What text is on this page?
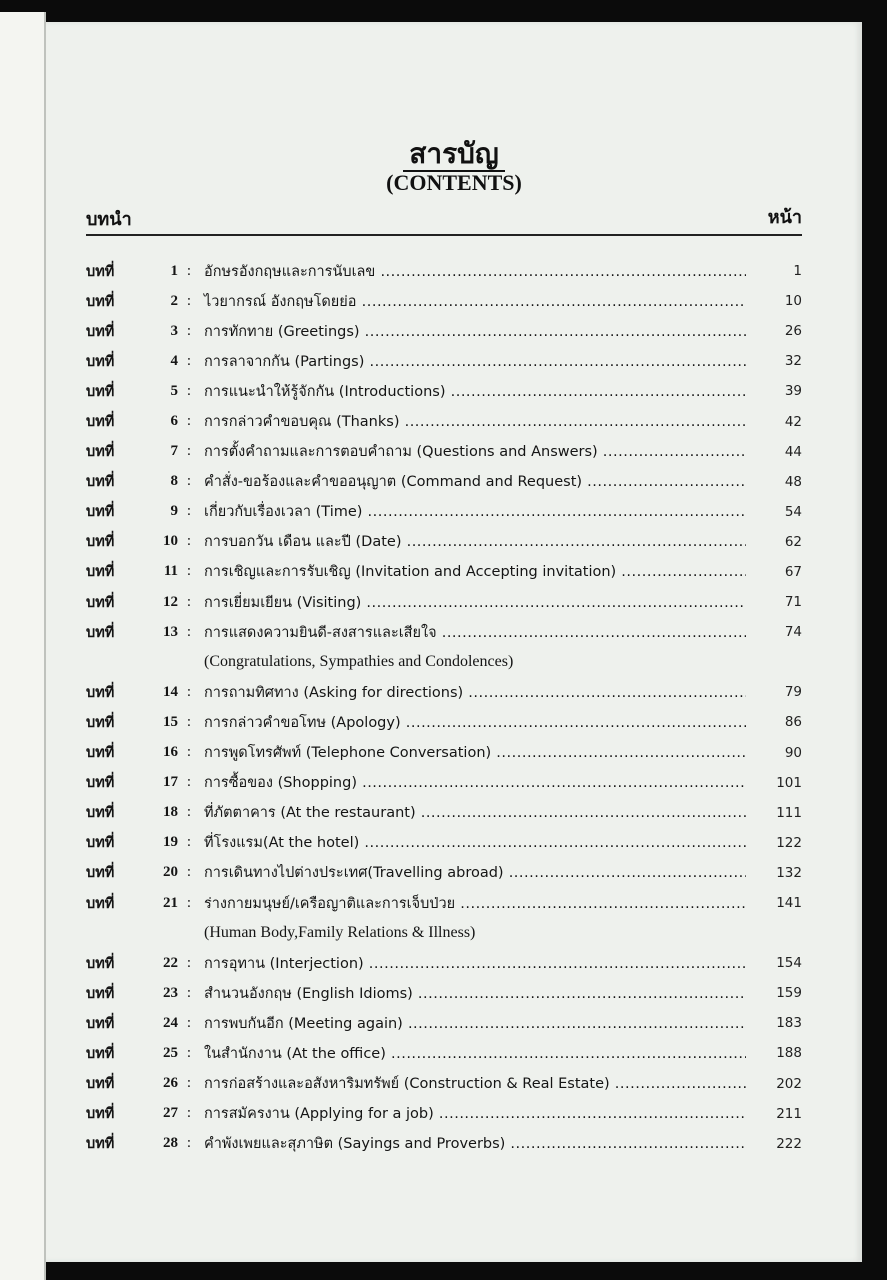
สารบัญ
(CONTENTS)
บทนำ	หน้า
บทที่	1 : อักษรอังกฤษและการนับเลข .....	1
บทที่	2 : ไวยากรณ์ อังกฤษโดยย่อ .....	10
บทที่	3 : การทักทาย (Greetings) .....	26
บทที่	4 : การลาจากกัน (Partings) .....	32
บทที่	5 : การแนะนำให้รู้จักกัน (Introductions) .....	39
บทที่	6 : การกล่าวคำขอบคุณ (Thanks) .....	42
บทที่	7 : การตั้งคำถามและการตอบคำถาม (Questions and Answers) .....	44
บทที่	8 : คำสั่ง-ขอร้องและคำขออนุญาต (Command and Request) .....	48
บทที่	9 : เกี่ยวกับเรื่องเวลา (Time) .....	54
บทที่	10 : การบอกวัน เดือน และปี (Date) .....	62
บทที่	11 : การเชิญและการรับเชิญ (Invitation and Accepting invitation) .....	67
บทที่	12 : การเยี่ยมเยียน (Visiting) .....	71
บทที่	13 : การแสดงความยินดี-สงสารและเสียใจ .....	74
(Congratulations, Sympathies and Condolences)
บทที่	14 : การถามทิศทาง (Asking for directions) .....	79
บทที่	15 : การกล่าวคำขอโทษ (Apology) .....	86
บทที่	16 : การพูดโทรศัพท์ (Telephone Conversation) .....	90
บทที่	17 : การซื้อของ (Shopping) .....	101
บทที่	18 : ที่ภัตตาคาร (At the restaurant) .....	111
บทที่	19 : ที่โรงแรม(At the hotel) .....	122
บทที่	20 : การเดินทางไปต่างประเทศ(Travelling abroad) .....	132
บทที่	21 : ร่างกายมนุษย์/เครือญาติและการเจ็บป่วย .....	141
(Human Body,Family Relations & Illness)
บทที่	22 : การอุทาน (Interjection) .....	154
บทที่	23 : สำนวนอังกฤษ (English Idioms) .....	159
บทที่	24 : การพบกันอีก (Meeting again) .....	183
บทที่	25 : ในสำนักงาน (At the office) .....	188
บทที่	26 : การก่อสร้างและอสังหาริมทรัพย์ (Construction & Real Estate) .....	202
บทที่	27 : การสมัครงาน (Applying for a job) .....	211
บทที่	28 : คำพังเพยและสุภาษิต (Sayings and Proverbs) .....	222
